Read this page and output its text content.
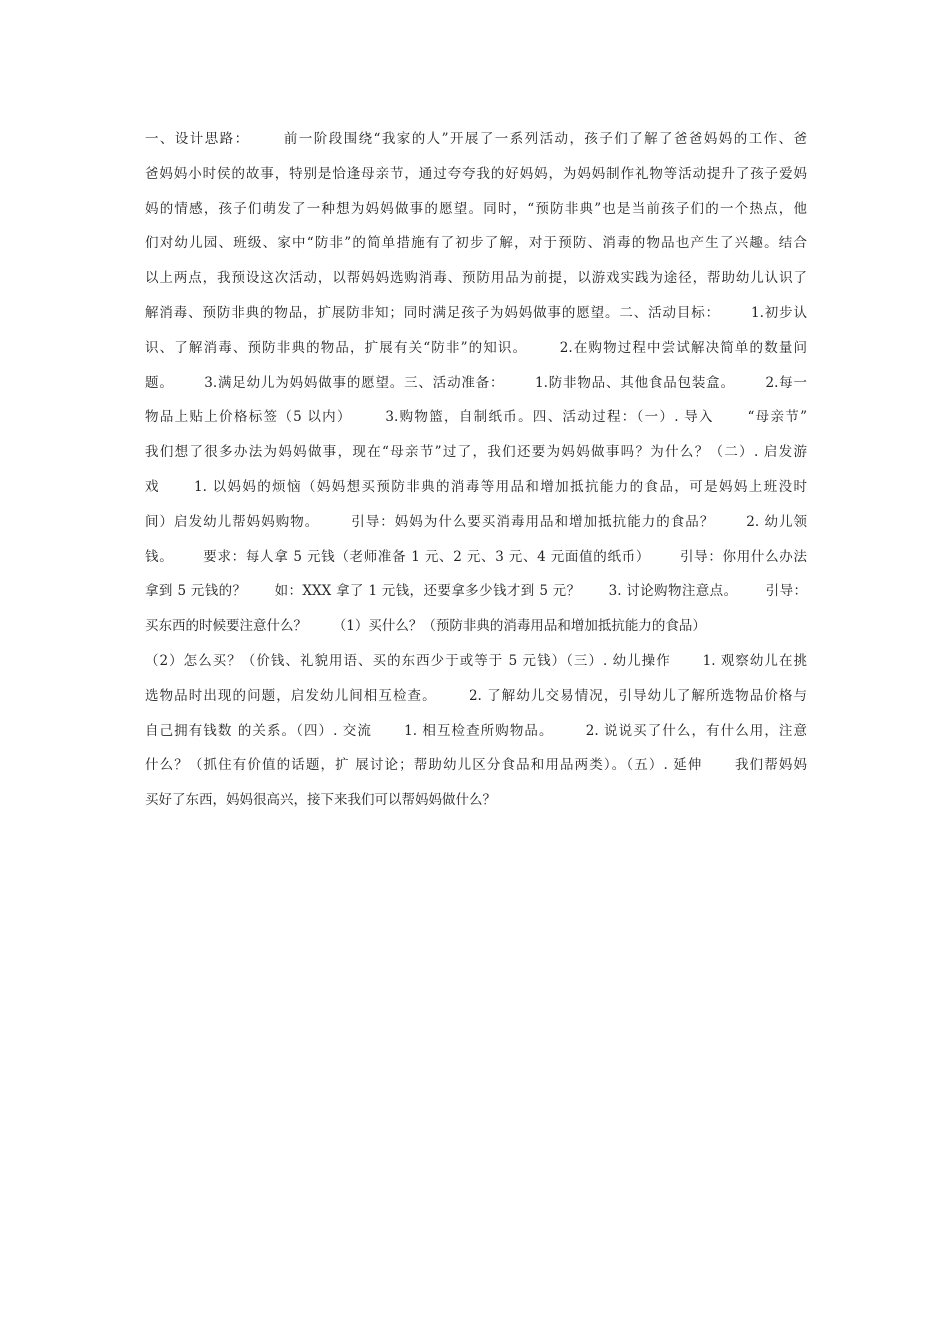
一、设计思路：      前一阶段围绕“我家的人”开展了一系列活动，孩子们了解了爸爸妈妈的工作、爸
爸妈妈小时侯的故事，特别是恰逢母亲节，通过夸夸我的好妈妈，为妈妈制作礼物等活动提升了孩子爱妈
妈的情感，孩子们萌发了一种想为妈妈做事的愿望。同时，“预防非典”也是当前孩子们的一个热点，他
们对幼儿园、班级、家中“防非”的简单措施有了初步了解，对于预防、消毒的物品也产生了兴趣。结合
以上两点，我预设这次活动，以帮妈妈选购消毒、预防用品为前提，以游戏实践为途径，帮助幼儿认识了
解消毒、预防非典的物品，扩展防非知；同时满足孩子为妈妈做事的愿望。二、活动目标：      1.初步认
识、了解消毒、预防非典的物品，扩展有关“防非”的知识。      2.在购物过程中尝试解决简单的数量问
题。      3.满足幼儿为妈妈做事的愿望。三、活动准备：      1.防非物品、其他食品包装盒。      2.每一
物品上贴上价格标签（5 以内）      3.购物篮，自制纸币。四、活动过程：（一）. 导入      “母亲节”
我们想了很多办法为妈妈做事，现在“母亲节”过了，我们还要为妈妈做事吗？为什么？（二）. 启发游
戏      1. 以妈妈的烦恼（妈妈想买预防非典的消毒等用品和增加抵抗能力的食品，可是妈妈上班没时
间）启发幼儿帮妈妈购物。      引导：妈妈为什么要买消毒用品和增加抵抗能力的食品？      2. 幼儿领
钱。      要求：每人拿 5 元钱（老师准备 1 元、2 元、3 元、4 元面值的纸币）      引导：你用什么办法
拿到 5 元钱的？      如：XXX 拿了 1 元钱，还要拿多少钱才到 5 元？      3. 讨论购物注意点。      引导：
买东西的时候要注意什么？      （1）买什么？（预防非典的消毒用品和增加抵抗能力的食品）
（2）怎么买？（价钱、礼貌用语、买的东西少于或等于 5 元钱）（三）. 幼儿操作      1. 观察幼儿在挑
选物品时出现的问题，启发幼儿间相互检查。      2. 了解幼儿交易情况，引导幼儿了解所选物品价格与
自己拥有钱数 的关系。（四）. 交流      1. 相互检查所购物品。      2. 说说买了什么，有什么用，注意
什么？（抓住有价值的话题，扩 展讨论；帮助幼儿区分食品和用品两类）。（五）. 延伸      我们帮妈妈
买好了东西，妈妈很高兴，接下来我们可以帮妈妈做什么？
